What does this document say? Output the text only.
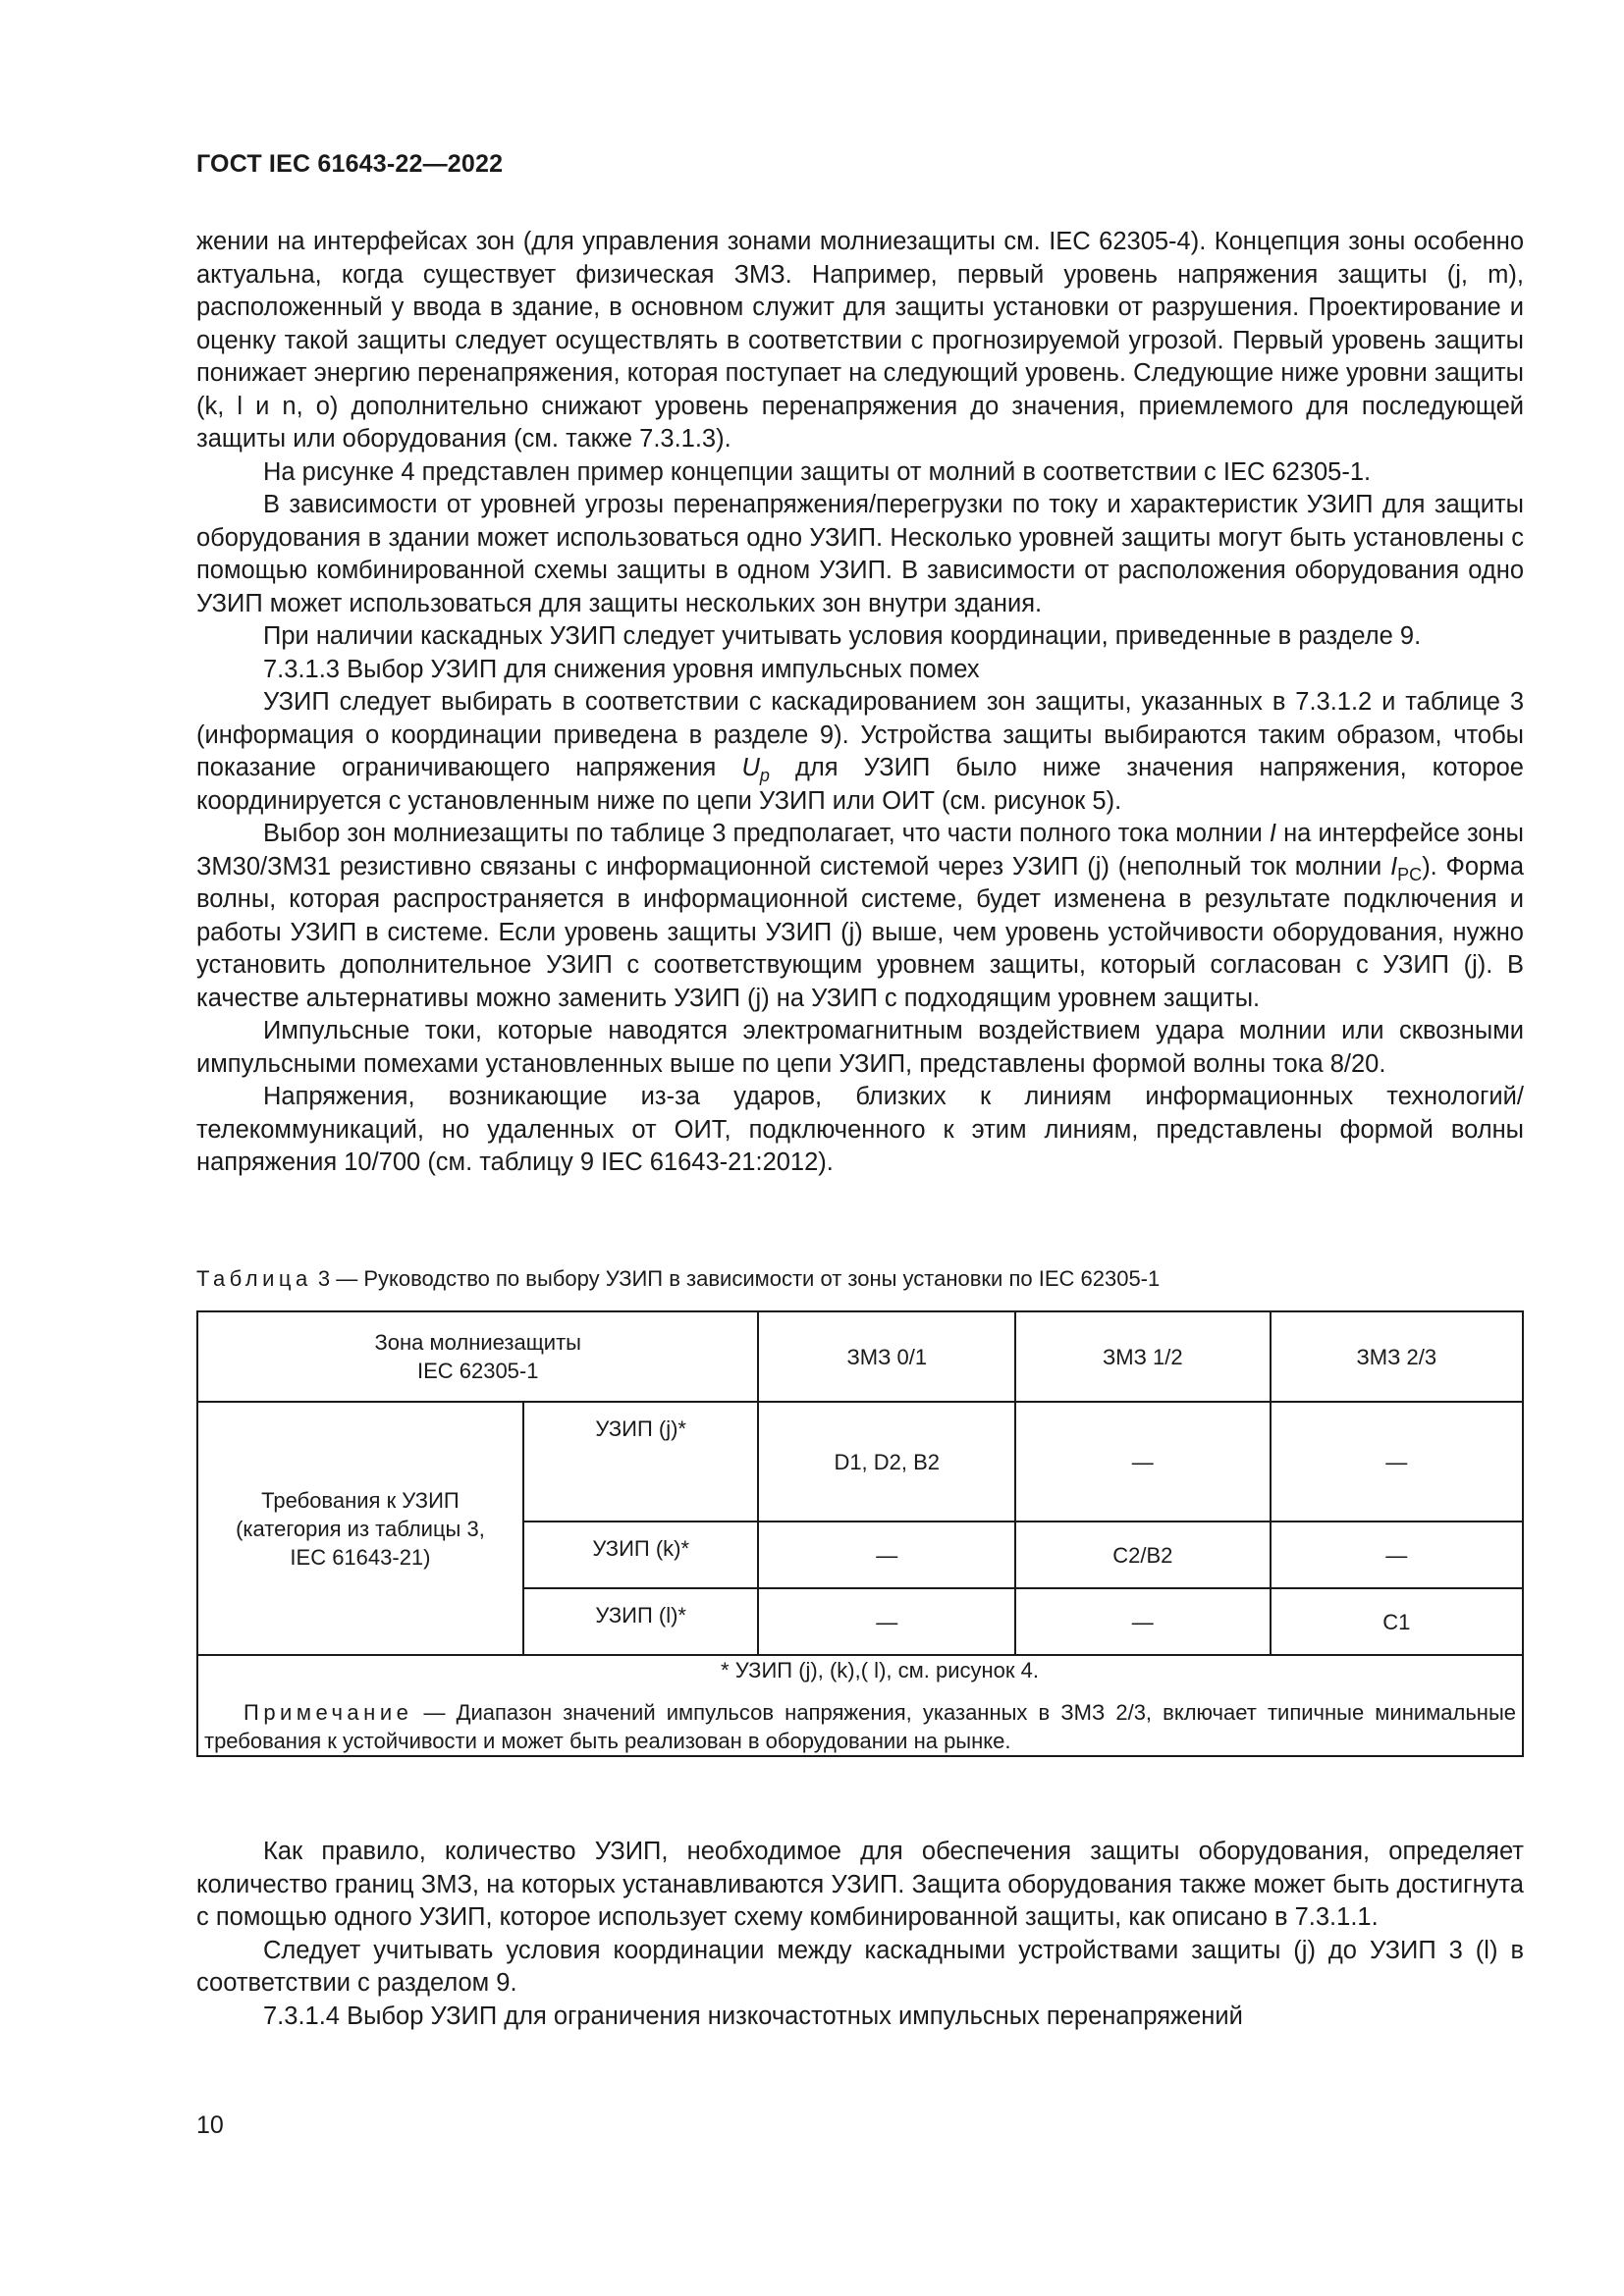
ГОСТ IEC 61643-22—2022

жении на интерфейсах зон (для управления зонами молниезащиты см. IEC 62305-4). Концепция зоны особенно актуальна, когда существует физическая ЗМЗ. Например, первый уровень напряжения защиты (j, m), расположенный у ввода в здание, в основном служит для защиты установки от разрушения. Проектирование и оценку такой защиты следует осуществлять в соответствии с прогнозируемой угрозой. Первый уровень защиты понижает энергию перенапряжения, которая поступает на следующий уровень. Следующие ниже уровни защиты (k, l и n, o) дополнительно снижают уровень перенапряжения до значения, приемлемого для последующей защиты или оборудования (см. также 7.3.1.3).

На рисунке 4 представлен пример концепции защиты от молний в соответствии с IEC 62305-1.

В зависимости от уровней угрозы перенапряжения/перегрузки по току и характеристик УЗИП для защиты оборудования в здании может использоваться одно УЗИП. Несколько уровней защиты могут быть установлены с помощью комбинированной схемы защиты в одном УЗИП. В зависимости от расположения оборудования одно УЗИП может использоваться для защиты нескольких зон внутри здания.

При наличии каскадных УЗИП следует учитывать условия координации, приведенные в разделе 9.

7.3.1.3 Выбор УЗИП для снижения уровня импульсных помех

УЗИП следует выбирать в соответствии с каскадированием зон защиты, указанных в 7.3.1.2 и таблице 3 (информация о координации приведена в разделе 9). Устройства защиты выбираются таким образом, чтобы показание ограничивающего напряжения $U_p$ для УЗИП было ниже значения напряжения, которое координируется с установленным ниже по цепи УЗИП или ОИТ (см. рисунок 5).

Выбор зон молниезащиты по таблице 3 предполагает, что части полного тока молнии I на интерфейсе зоны ЗМ30/ЗМ31 резистивно связаны с информационной системой через УЗИП (j) (неполный ток молнии $I_{PC}$). Форма волны, которая распространяется в информационной системе, будет изменена в результате подключения и работы УЗИП в системе. Если уровень защиты УЗИП (j) выше, чем уровень устойчивости оборудования, нужно установить дополнительное УЗИП с соответствующим уровнем защиты, который согласован с УЗИП (j). В качестве альтернативы можно заменить УЗИП (j) на УЗИП с подходящим уровнем защиты.

Импульсные токи, которые наводятся электромагнитным воздействием удара молнии или сквозными импульсными помехами установленных выше по цепи УЗИП, представлены формой волны тока 8/20.

Напряжения, возникающие из-за ударов, близких к линиям информационных технологий/телекоммуникаций, но удаленных от ОИТ, подключенного к этим линиям, представлены формой волны напряжения 10/700 (см. таблицу 9 IEC 61643-21:2012).

Таблица 3 — Руководство по выбору УЗИП в зависимости от зоны установки по IEC 62305-1
Зона молниезащиты IEC 62305-1		ЗМЗ 0/1	ЗМЗ 1/2	ЗМЗ 2/3

Требования к УЗИП (категория из таблицы 3, IEC 61643-21)	УЗИП (j)*	D1, D2, B2	—	—
	УЗИП (k)*	—	C2/B2	—
	УЗИП (l)*	—	—	C1

* УЗИП (j), (k),( l), см. рисунок 4.
Примечание — Диапазон значений импульсов напряжения, указанных в ЗМЗ 2/3, включает типичные минимальные требования к устойчивости и может быть реализован в оборудовании на рынке.				

Как правило, количество УЗИП, необходимое для обеспечения защиты оборудования, определяет количество границ ЗМЗ, на которых устанавливаются УЗИП. Защита оборудования также может быть достигнута с помощью одного УЗИП, которое использует схему комбинированной защиты, как описано в 7.3.1.1.

Следует учитывать условия координации между каскадными устройствами защиты (j) до УЗИП 3 (l) в соответствии с разделом 9.

7.3.1.4 Выбор УЗИП для ограничения низкочастотных импульсных перенапряжений

10
